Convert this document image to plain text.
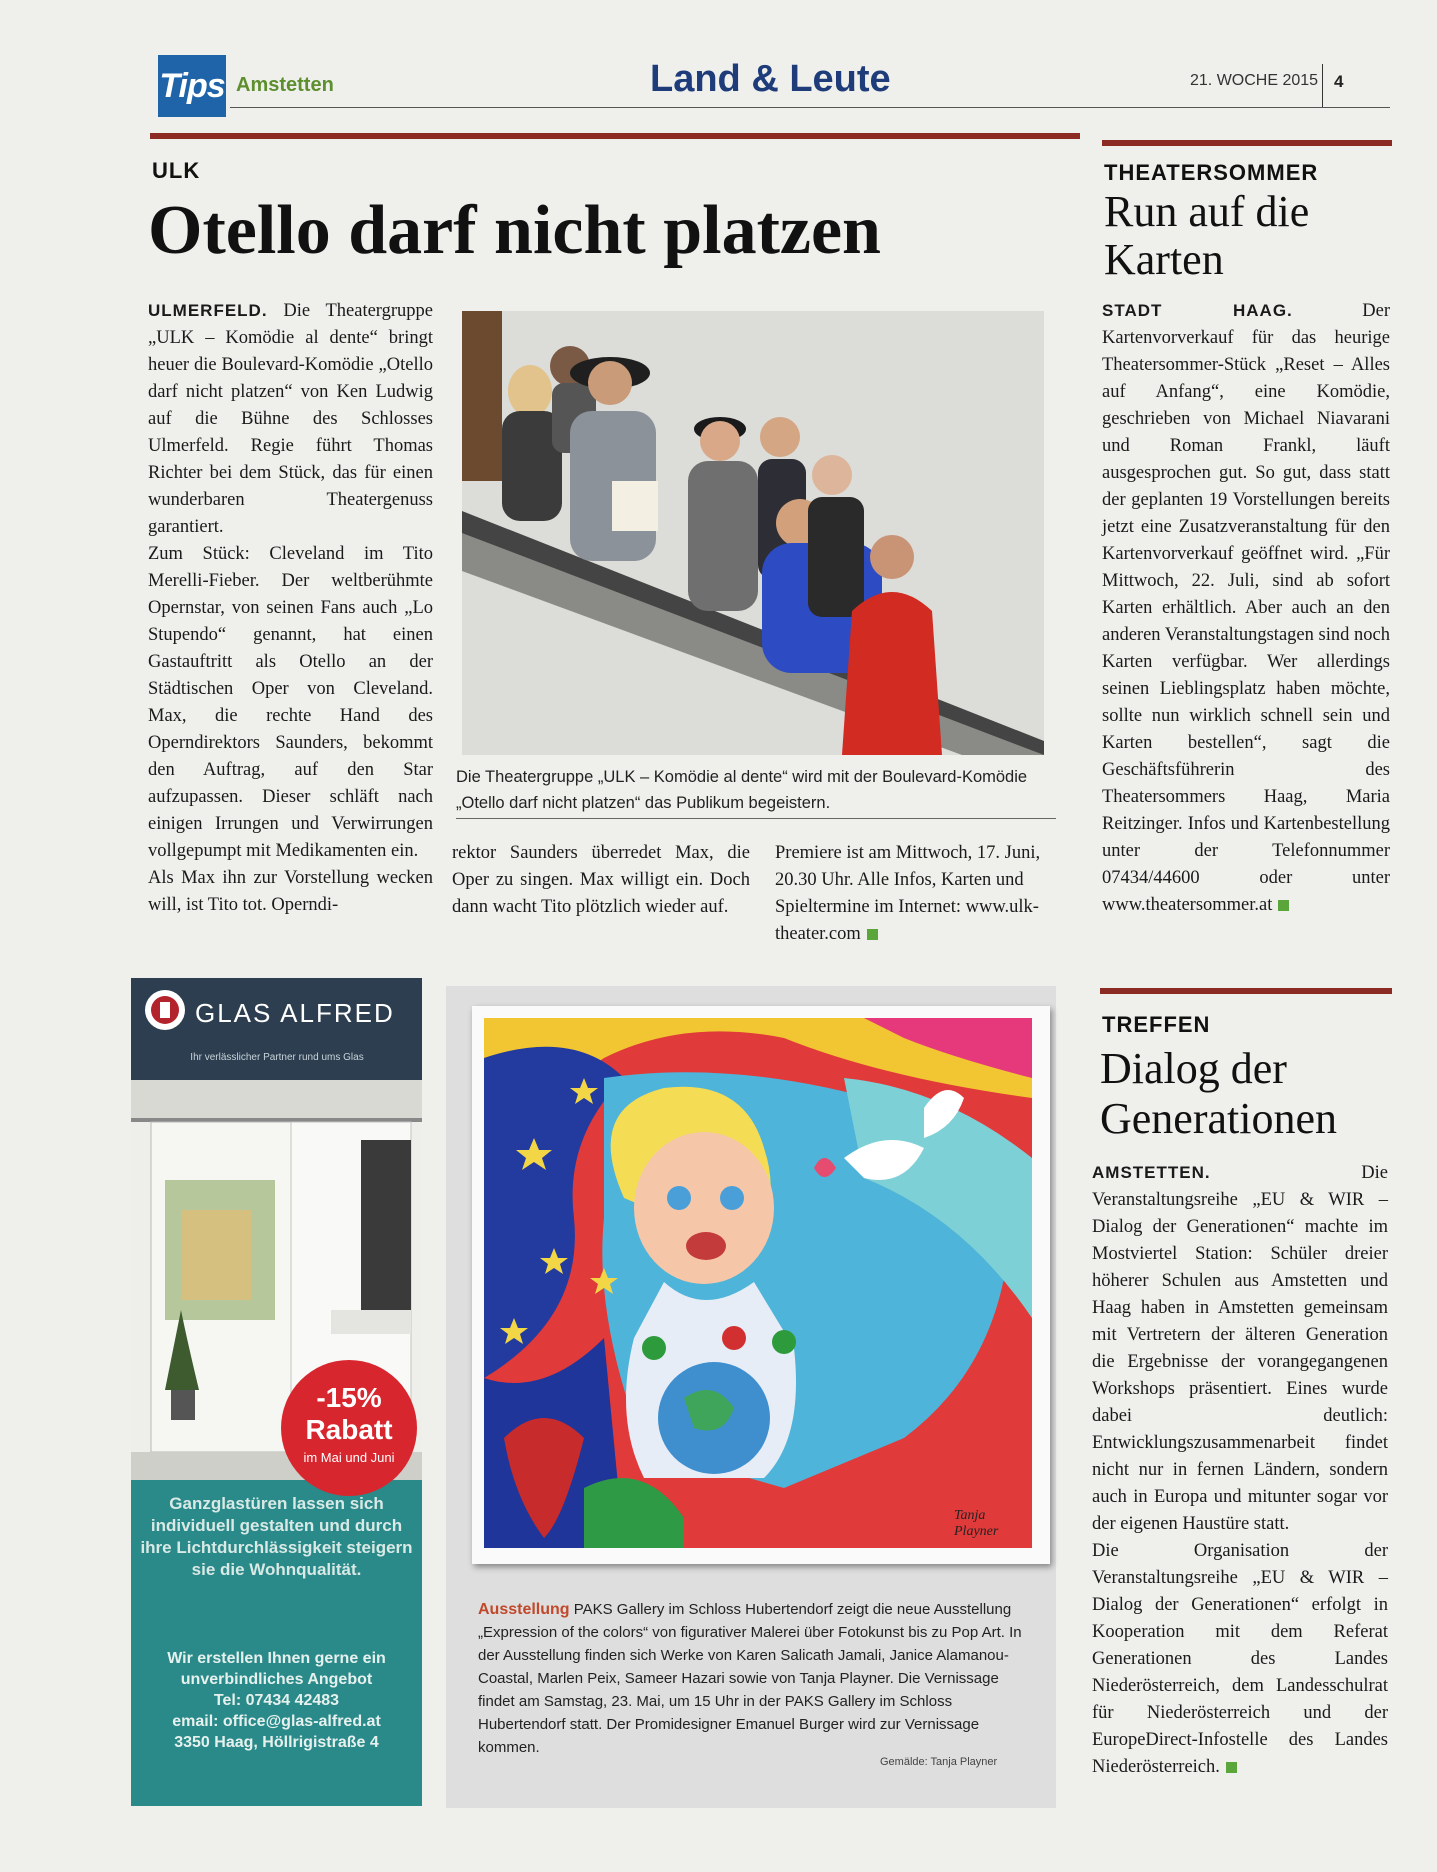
Tips Amstetten	Land & Leute	21. WOCHE 2015 4
ULK
Otello darf nicht platzen

ULMERFELD. Die Theatergruppe „ULK – Komödie al dente“ bringt heuer die Boulevard-Komödie „Otello darf nicht platzen“ von Ken Ludwig auf die Bühne des Schlosses Ulmerfeld. Regie führt Thomas Richter bei dem Stück, das für einen wunderbaren Theatergenuss garantiert.

Zum Stück: Cleveland im Tito Merelli-Fieber. Der weltberühmte Opernstar, von seinen Fans auch „Lo Stupendo“ genannt, hat einen Gastauftritt als Otello an der Städtischen Oper von Cleveland. Max, die rechte Hand des Operndirektors Saunders, bekommt den Auftrag, auf den Star aufzupassen. Dieser schläft nach einigen Irrungen und Verwirrungen vollgepumpt mit Medikamenten ein.

Als Max ihn zur Vorstellung wecken will, ist Tito tot. Operndi-

Die Theatergruppe „ULK – Komödie al dente“ wird mit der Boulevard-Komödie „Otello darf nicht platzen“ das Publikum begeistern.

rektor Saunders überredet Max, die Oper zu singen. Max willigt ein. Doch dann wacht Tito plötzlich wieder auf.

Premiere ist am Mittwoch, 17. Juni, 20.30 Uhr. Alle Infos, Karten und Spieltermine im Internet: www.ulk-theater.com

THEATERSOMMER
Run auf die
Karten

STADT HAAG.	Der Kartenvorverkauf für das heurige Theatersommer-Stück „Reset – Alles auf Anfang“, eine Komödie, geschrieben von Michael Niavarani und Roman Frankl, läuft ausgesprochen gut. So gut, dass statt der geplanten 19 Vorstellungen bereits jetzt eine Zusatzveranstaltung für den Kartenvorverkauf geöffnet wird. „Für Mittwoch, 22. Juli, sind ab sofort Karten erhältlich. Aber auch an den anderen Veranstaltungstagen sind noch Karten verfügbar. Wer allerdings seinen Lieblingsplatz haben möchte, sollte nun wirklich schnell sein und Karten bestellen“, sagt die Geschäftsführerin des Theatersommers Haag, Maria Reitzinger. Infos und Kartenbestellung unter der Telefonnummer 07434/44600 oder unter www.theatersommer.at

TREFFEN
Dialog der
Generationen

AMSTETTEN.	Die Veranstaltungsreihe „EU & WIR – Dialog der Generationen“ machte im Mostviertel Station: Schüler dreier höherer Schulen aus Amstetten und Haag haben in Amstetten gemeinsam mit Vertretern der älteren Generation die Ergebnisse der vorangegangenen Workshops präsentiert. Eines wurde dabei deutlich: Entwicklungszusammenarbeit findet nicht nur in fernen Ländern, sondern auch in Europa und mitunter sogar vor der eigenen Haustüre statt.

Die Organisation der Veranstaltungsreihe „EU & WIR – Dialog der Generationen“ erfolgt in Kooperation mit dem Referat Generationen des Landes Niederösterreich, dem Landesschulrat für Niederösterreich und der EuropeDirect-Infostelle des Landes Niederösterreich.

GLAS ALFRED
Ihr verlässlicher Partner rund ums Glas
-15%
Rabatt
im Mai und Juni
Ganzglastüren lassen sich individuell gestalten und durch ihre Lichtdurchlässigkeit steigern sie die Wohnqualität.
Wir erstellen Ihnen gerne ein unverbindliches Angebot
Tel: 07434 42483
email: office@glas-alfred.at
3350 Haag, Höllrigistraße 4
Tanja Playner
Ausstellung PAKS Gallery im Schloss Hubertendorf zeigt die neue Ausstellung „Expression of the colors“ von figurativer Malerei über Fotokunst bis zu Pop Art. In der Ausstellung finden sich Werke von Karen Salicath Jamali, Janice Alamanou-Coastal, Marlen Peix, Sameer Hazari sowie von Tanja Playner. Die Vernissage findet am Samstag, 23. Mai, um 15 Uhr in der PAKS Gallery im Schloss Hubertendorf statt. Der Promidesigner Emanuel Burger wird zur Vernissage kommen.
Gemälde: Tanja Playner
